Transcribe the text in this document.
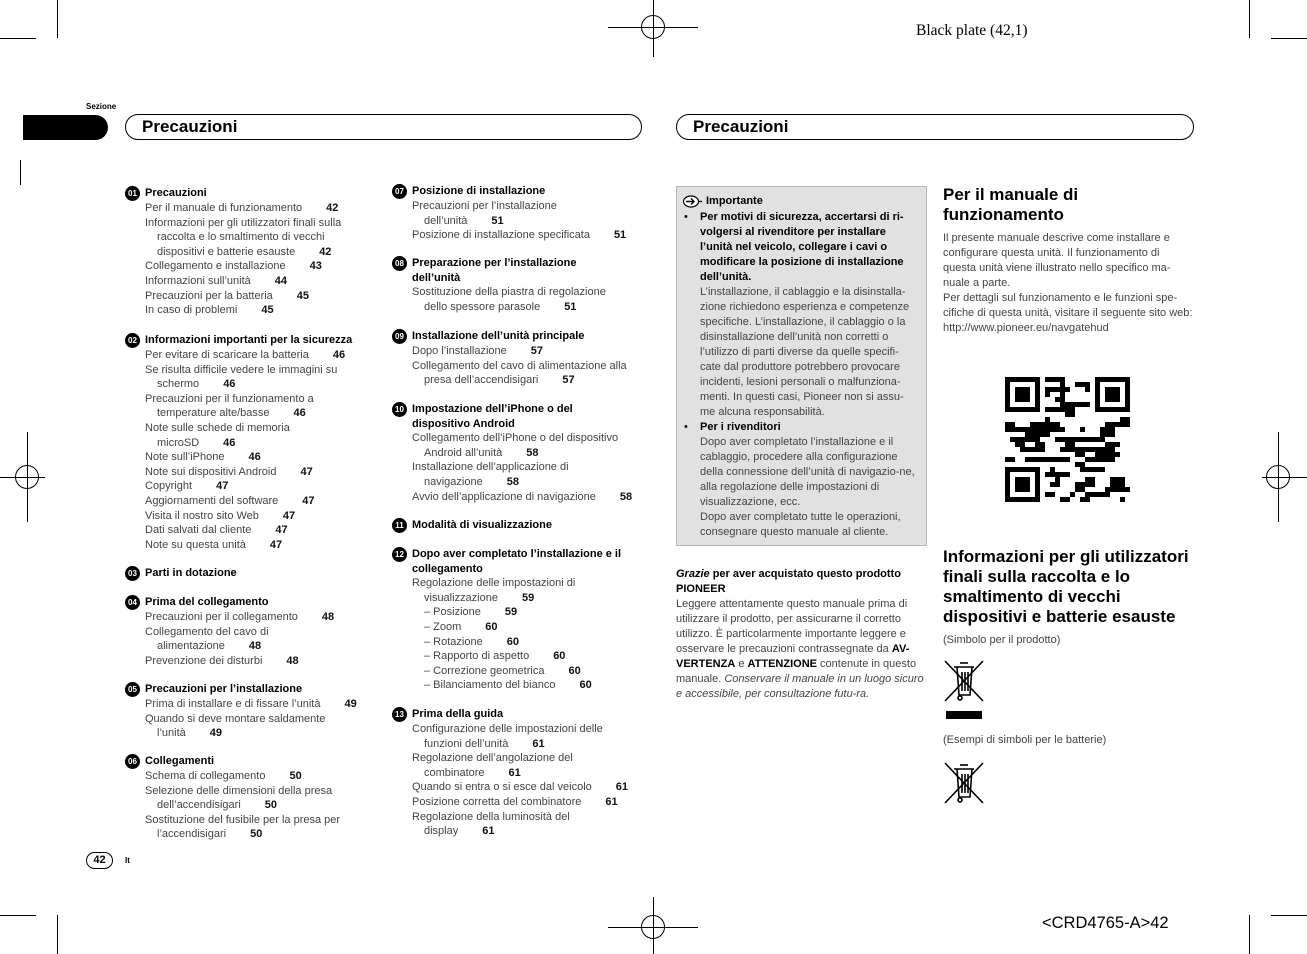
Black plate (42,1)
Sezione
Precauzioni	Precauzioni
01 Precauzioni
Per il manuale di funzionamento 42
Informazioni per gli utilizzatori finali sulla
raccolta e lo smaltimento di vecchi
dispositivi e batterie esauste 42
Collegamento e installazione 43
Informazioni sull’unità 44
Precauzioni per la batteria 45
In caso di problemi 45
02 Informazioni importanti per la sicurezza
Per evitare di scaricare la batteria 46
Se risulta difficile vedere le immagini su
schermo 46
Precauzioni per il funzionamento a
temperature alte/basse 46
Note sulle schede di memoria
microSD 46
Note sull’iPhone 46
Note sui dispositivi Android 47
Copyright 47
Aggiornamenti del software 47
Visita il nostro sito Web 47
Dati salvati dal cliente 47
Note su questa unità 47
03 Parti in dotazione
04 Prima del collegamento
Precauzioni per il collegamento 48
Collegamento del cavo di
alimentazione 48
Prevenzione dei disturbi 48
05 Precauzioni per l’installazione
Prima di installare e di fissare l’unità 49
Quando si deve montare saldamente
l’unità 49
06 Collegamenti
Schema di collegamento 50
Selezione delle dimensioni della presa
dell’accendisigari 50
Sostituzione del fusibile per la presa per
l’accendisigari 50
07 Posizione di installazione
Precauzioni per l’installazione
dell’unità 51
Posizione di installazione specificata 51
08 Preparazione per l’installazione
dell’unità
Sostituzione della piastra di regolazione
dello spessore parasole 51
09 Installazione dell’unità principale
Dopo l’installazione 57
Collegamento del cavo di alimentazione alla
presa dell’accendisigari 57
10 Impostazione dell’iPhone o del
dispositivo Android
Collegamento dell’iPhone o del dispositivo
Android all’unità 58
Installazione dell’applicazione di
navigazione 58
Avvio dell’applicazione di navigazione 58
11 Modalità di visualizzazione
12 Dopo aver completato l’installazione e il
collegamento
Regolazione delle impostazioni di
visualizzazione 59
– Posizione 59
– Zoom 60
– Rotazione 60
– Rapporto di aspetto 60
– Correzione geometrica 60
– Bilanciamento del bianco 60
13 Prima della guida
Configurazione delle impostazioni delle
funzioni dell’unità 61
Regolazione dell’angolazione del
combinatore 61
Quando si entra o si esce dal veicolo 61
Posizione corretta del combinatore 61
Regolazione della luminosità del
display 61
Importante
• Per motivi di sicurezza, accertarsi di ri-volgersi al rivenditore per installare l’unità nel veicolo, collegare i cavi o modificare la posizione di installazione dell’unità.
L’installazione, il cablaggio e la disinstalla-zione richiedono esperienza e competenze specifiche. L’installazione, il cablaggio o la disinstallazione dell’unità non corretti o l’utilizzo di parti diverse da quelle specifi-cate dal produttore potrebbero provocare incidenti, lesioni personali o malfunziona-menti. In questi casi, Pioneer non si assu-me alcuna responsabilità.
• Per i rivenditori
Dopo aver completato l’installazione e il cablaggio, procedere alla configurazione della connessione dell’unità di navigazio-ne, alla regolazione delle impostazioni di visualizzazione, ecc.
Dopo aver completato tutte le operazioni, consegnare questo manuale al cliente.
Grazie per aver acquistato questo prodotto
PIONEER
Leggere attentamente questo manuale prima di utilizzare il prodotto, per assicurarne il corretto utilizzo. È particolarmente importante leggere e osservare le precauzioni contrassegnate da AV-VERTENZA e ATTENZIONE contenute in questo manuale. Conservare il manuale in un luogo sicuro e accessibile, per consultazione futu-ra.
Per il manuale di funzionamento
Il presente manuale descrive come installare e configurare questa unità. Il funzionamento di questa unità viene illustrato nello specifico ma-nuale a parte.
Per dettagli sul funzionamento e le funzioni spe-cifiche di questa unità, visitare il seguente sito web:
http://www.pioneer.eu/navgatehud
Informazioni per gli utilizzatori finali sulla raccolta e lo smaltimento di vecchi dispositivi e batterie esauste
(Simbolo per il prodotto)
(Esempi di simboli per le batterie)
42	It
<CRD4765-A>42
